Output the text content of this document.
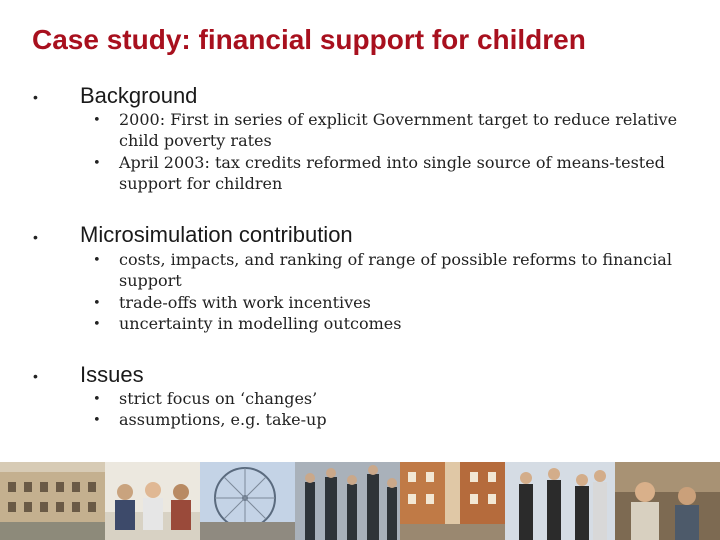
Case study: financial support for children
• Background
• 2000: First in series of explicit Government target to reduce relative child poverty rates
• April 2003: tax credits reformed into single source of means-tested support for children
• Microsimulation contribution
• costs, impacts, and ranking of range of possible reforms to financial support
• trade-offs with work incentives
• uncertainty in modelling outcomes
• Issues
• strict focus on ‘changes’
• assumptions, e.g. take-up
